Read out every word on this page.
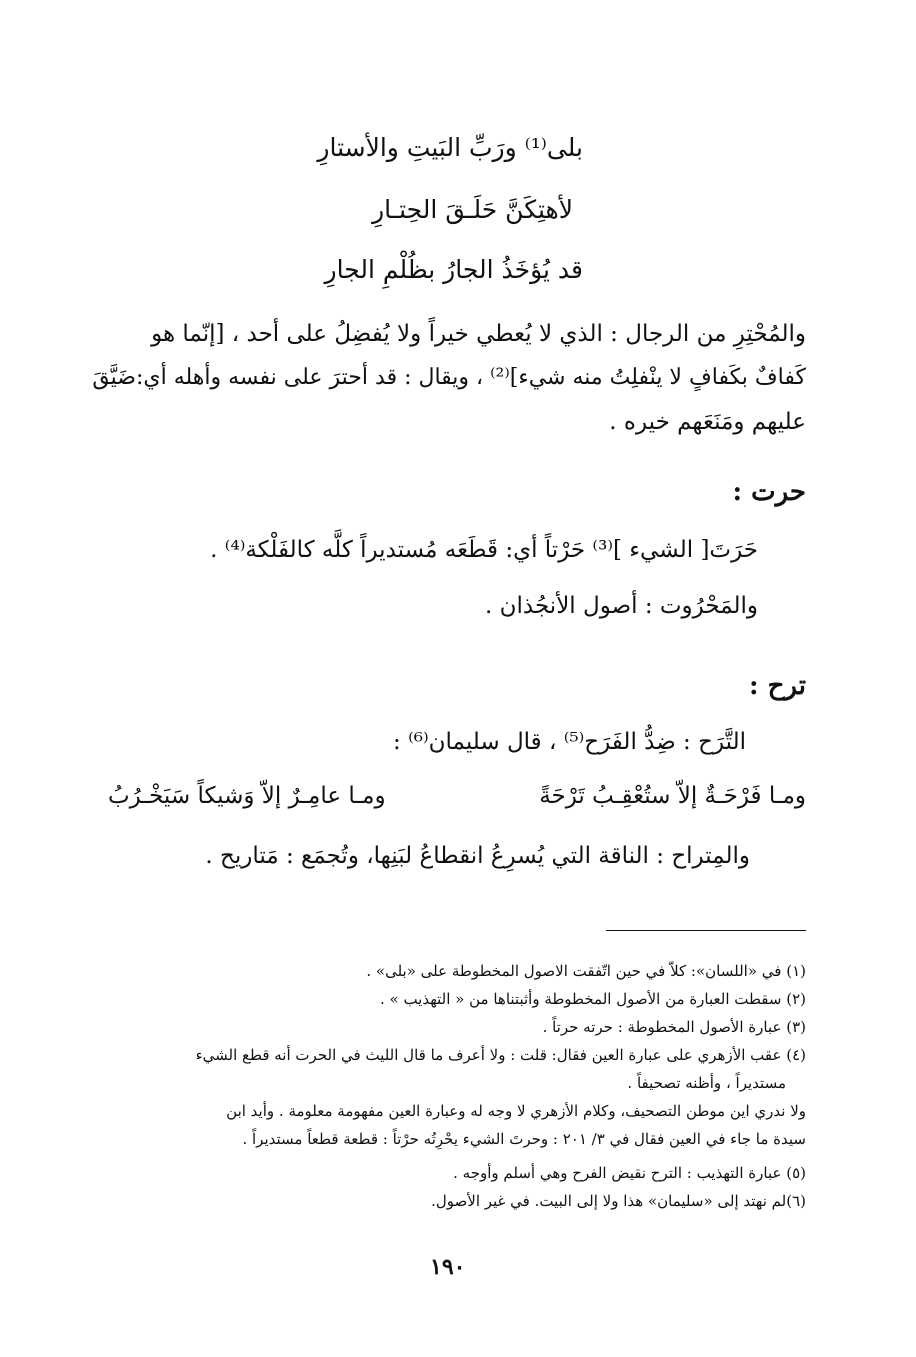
بلى⁽¹⁾ ورَبِّ البَيتِ والأستارِ
لأهتِكَنَّ حَلَـقَ الحِتـارِ
قد يُؤخَذُ الجارُ بظُلْمِ الجارِ
والمُحْتِرِ من الرجال : الذي لا يُعطي خيراً ولا يُفضِلُ على أحد ، [إنّما هو
كَفافٌ بكَفافٍ لا ينْفلِتُ منه شيء]⁽²⁾ ، ويقال : قد أحترَ على نفسه وأهله أي:ضَيَّقَ
عليهم ومَنَعَهم خيره .
حرت :
حَرَتَ[ الشيء ]⁽³⁾ حَرْتاً أي: قَطَعَه مُستديراً كلَّه كالفَلْكة⁽⁴⁾ .
والمَحْرُوت : أصول الأنجُذان .
ترح :
التَّرَح : ضِدُّ الفَرَح⁽⁵⁾ ، قال سليمان⁽⁶⁾ :
ومـا فَرْحَـةٌ إلاّ ستُعْقِـبُ تَرْحَةً
ومـا عامِـرٌ إلاّ وَشيكاً سَيَخْـرُبُ
والمِتراح : الناقة التي يُسرِعُ انقطاعُ لبَنِها، وتُجمَع : مَتاريح .
(١) في «اللسان»: كلاّ في حين اتّفقت الاصول المخطوطة على «بلى» .
(٢) سقطت العبارة من الأصول المخطوطة وأثبتناها من « التهذيب » .
(٣) عبارة الأصول المخطوطة : حرته حرتاً .
(٤) عقب الأزهري على عبارة العين فقال: قلت : ولا أعرف ما قال الليث في الحرت أنه قطع الشيء
مستديراً ، وأظنه تصحيفاً .
ولا ندري اين موطن التصحيف، وكلام الأزهري لا وجه له وعبارة العين مفهومة معلومة . وأيد ابن
سيدة ما جاء في العين فقال في ٣/ ٢٠١ : وحرتَ الشيء يحْرِتُه حرْتاً : قطعة قطعاً مستديراً .
(٥) عبارة التهذيب : الترح نقيض الفرح وهي أسلم وأوجه .
(٦)لم نهتد إلى «سليمان» هذا ولا إلى البيت. في غير الأصول.
١٩٠
